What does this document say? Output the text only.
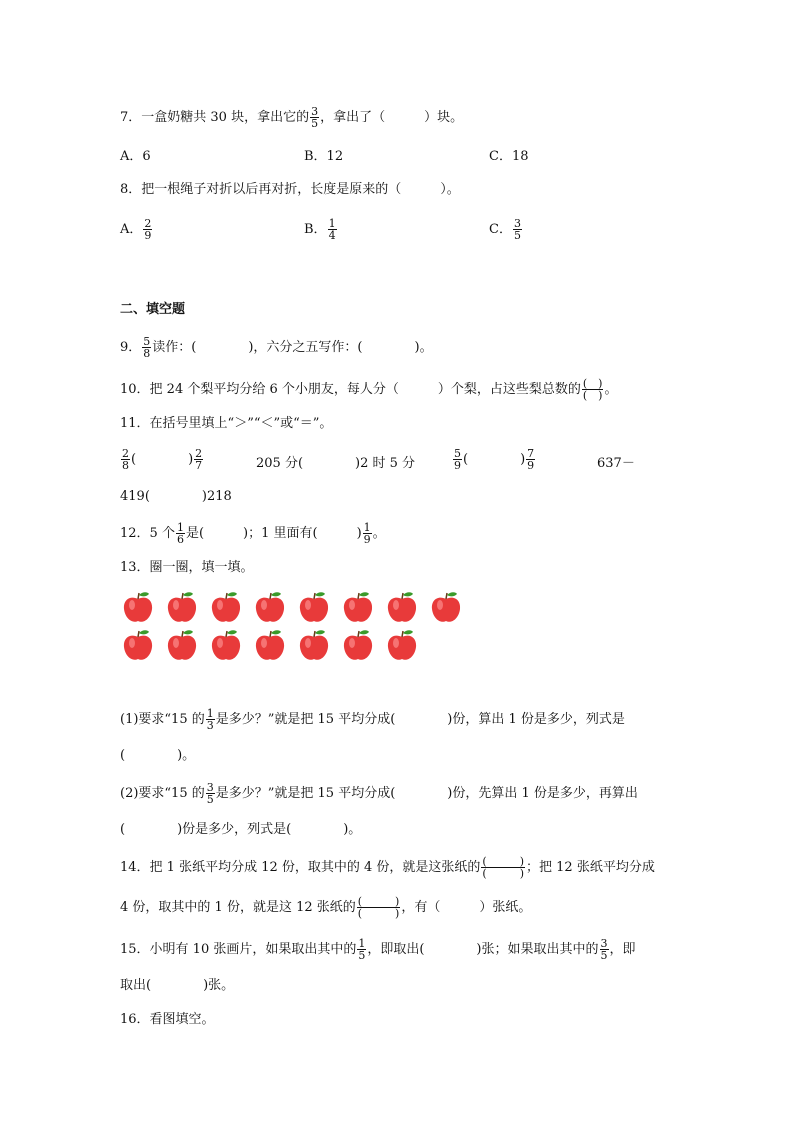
7．一盒奶糖共 30 块，拿出它的 $\frac{3}{5}$ ，拿出了（　　　）块。
A．6	B．12	C．18
8．把一根绳子对折以后再对折，长度是原来的（　　　）。
A． $\frac{2}{9}$	B． $\frac{1}{4}$	C． $\frac{3}{5}$
二、填空题
9． $\frac{5}{8}$ 读作：(　　　　)，六分之五写作：(　　　　)。
10．把 24 个梨平均分给 6 个小朋友，每人分（　　　）个梨，占这些梨总数的 $\frac{( )}{( )}$ 。
11．在括号里填上“＞”“＜”或“＝”。
$\frac{2}{8}$ (　　　　) $\frac{2}{7}$	205 分(　　　　)2 时 5 分	$\frac{5}{9}$ (　　　　) $\frac{7}{9}$	637－
419(　　　　)218
12．5 个 $\frac{1}{6}$ 是(　　　)；1 里面有(　　　) $\frac{1}{9}$ 。
13．圈一圈，填一填。
(1)要求“15 的 $\frac{1}{3}$ 是多少？”就是把 15 平均分成(　　　　)份，算出 1 份是多少，列式是
(　　　　)。
(2)要求“15 的 $\frac{3}{5}$ 是多少？”就是把 15 平均分成(　　　　)份，先算出 1 份是多少，再算出
(　　　　)份是多少，列式是(　　　　)。
14．把 1 张纸平均分成 12 份，取其中的 4 份，就是这张纸的 $\frac{( )}{( )}$ ；把 12 张纸平均分成
4 份，取其中的 1 份，就是这 12 张纸的 $\frac{( )}{( )}$ ，有（　　　）张纸。
15．小明有 10 张画片，如果取出其中的 $\frac{1}{5}$ ，即取出(　　　　)张；如果取出其中的 $\frac{3}{5}$ ，即
取出(　　　　)张。
16．看图填空。
